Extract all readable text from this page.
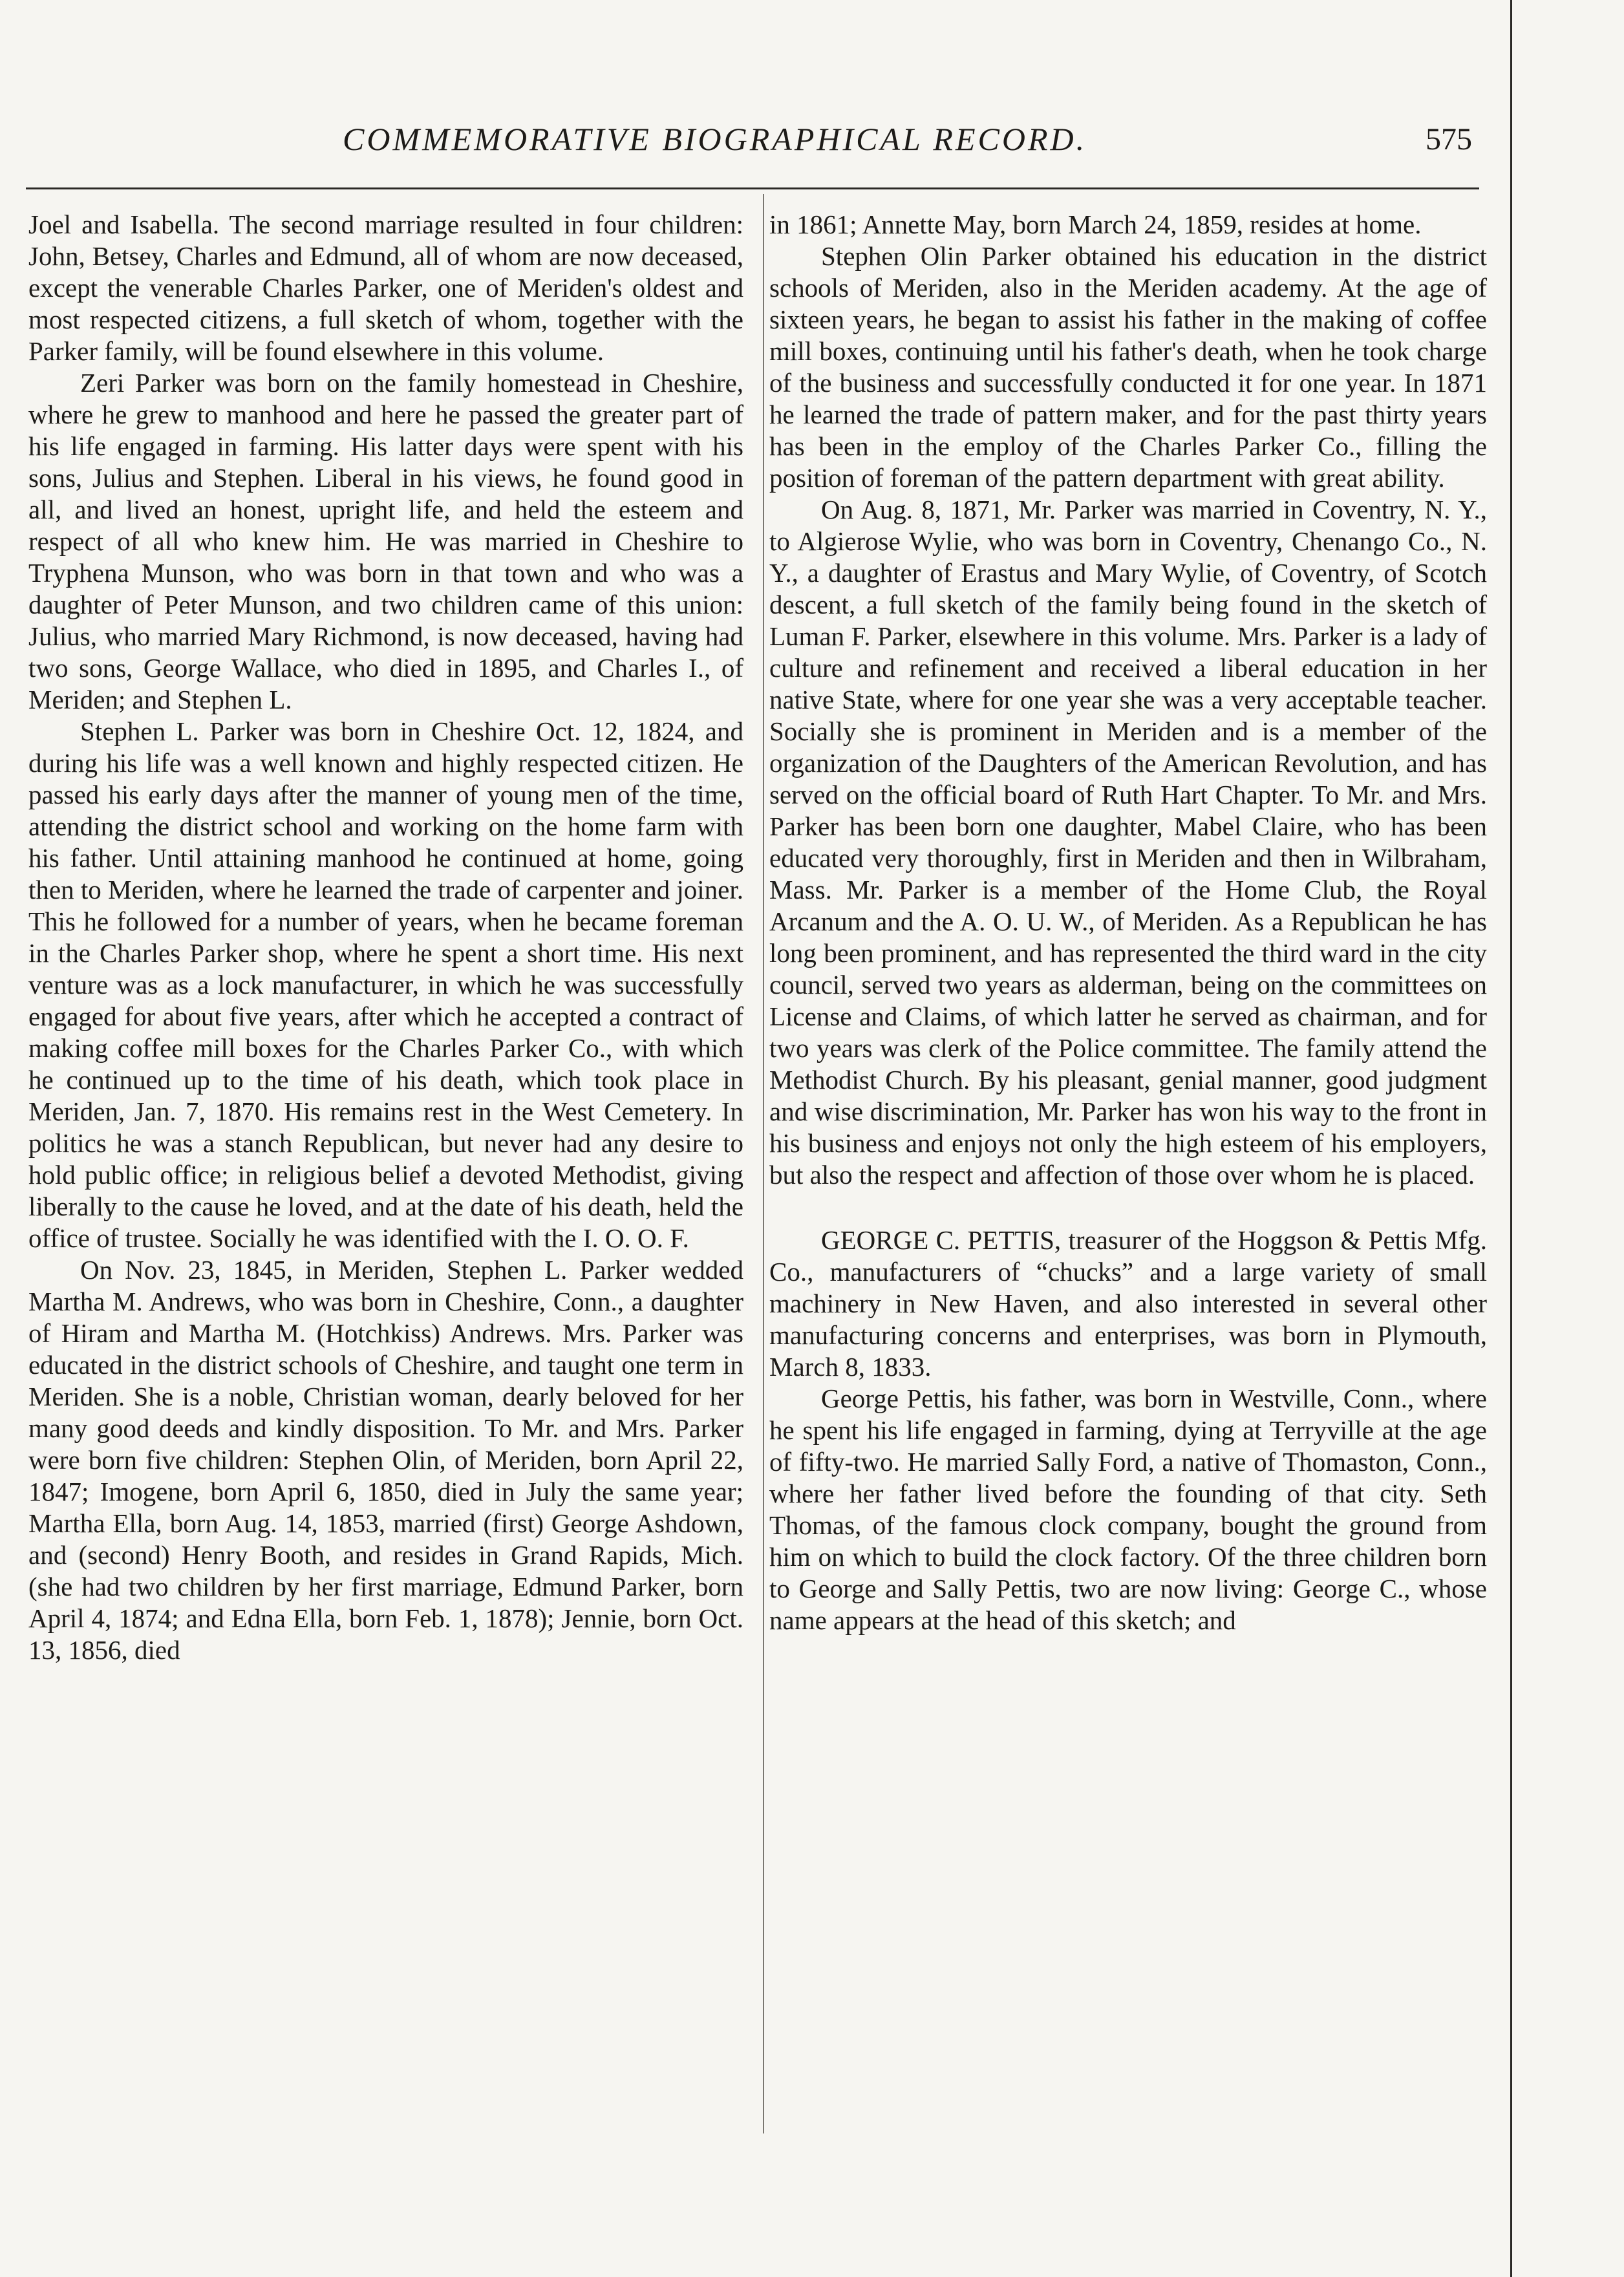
COMMEMORATIVE BIOGRAPHICAL RECORD.	575

Joel and Isabella. The second marriage resulted in four children: John, Betsey, Charles and Edmund, all of whom are now deceased, except the venerable Charles Parker, one of Meriden's oldest and most respected citizens, a full sketch of whom, together with the Parker family, will be found elsewhere in this volume.

Zeri Parker was born on the family homestead in Cheshire, where he grew to manhood and here he passed the greater part of his life engaged in farming. His latter days were spent with his sons, Julius and Stephen. Liberal in his views, he found good in all, and lived an honest, upright life, and held the esteem and respect of all who knew him. He was married in Cheshire to Tryphena Munson, who was born in that town and who was a daughter of Peter Munson, and two children came of this union: Julius, who married Mary Richmond, is now deceased, having had two sons, George Wallace, who died in 1895, and Charles I., of Meriden; and Stephen L.

Stephen L. Parker was born in Cheshire Oct. 12, 1824, and during his life was a well known and highly respected citizen. He passed his early days after the manner of young men of the time, attending the district school and working on the home farm with his father. Until attaining manhood he continued at home, going then to Meriden, where he learned the trade of carpenter and joiner. This he followed for a number of years, when he became foreman in the Charles Parker shop, where he spent a short time. His next venture was as a lock manufacturer, in which he was successfully engaged for about five years, after which he accepted a contract of making coffee mill boxes for the Charles Parker Co., with which he continued up to the time of his death, which took place in Meriden, Jan. 7, 1870. His remains rest in the West Cemetery. In politics he was a stanch Republican, but never had any desire to hold public office; in religious belief a devoted Methodist, giving liberally to the cause he loved, and at the date of his death, held the office of trustee. Socially he was identified with the I. O. O. F.

On Nov. 23, 1845, in Meriden, Stephen L. Parker wedded Martha M. Andrews, who was born in Cheshire, Conn., a daughter of Hiram and Martha M. (Hotchkiss) Andrews. Mrs. Parker was educated in the district schools of Cheshire, and taught one term in Meriden. She is a noble, Christian woman, dearly beloved for her many good deeds and kindly disposition. To Mr. and Mrs. Parker were born five children: Stephen Olin, of Meriden, born April 22, 1847; Imogene, born April 6, 1850, died in July the same year; Martha Ella, born Aug. 14, 1853, married (first) George Ashdown, and (second) Henry Booth, and resides in Grand Rapids, Mich. (she had two children by her first marriage, Edmund Parker, born April 4, 1874; and Edna Ella, born Feb. 1, 1878); Jennie, born Oct. 13, 1856, died

in 1861; Annette May, born March 24, 1859, resides at home.

Stephen Olin Parker obtained his education in the district schools of Meriden, also in the Meriden academy. At the age of sixteen years, he began to assist his father in the making of coffee mill boxes, continuing until his father's death, when he took charge of the business and successfully conducted it for one year. In 1871 he learned the trade of pattern maker, and for the past thirty years has been in the employ of the Charles Parker Co., filling the position of foreman of the pattern department with great ability.

On Aug. 8, 1871, Mr. Parker was married in Coventry, N. Y., to Algierose Wylie, who was born in Coventry, Chenango Co., N. Y., a daughter of Erastus and Mary Wylie, of Coventry, of Scotch descent, a full sketch of the family being found in the sketch of Luman F. Parker, elsewhere in this volume. Mrs. Parker is a lady of culture and refinement and received a liberal education in her native State, where for one year she was a very acceptable teacher. Socially she is prominent in Meriden and is a member of the organization of the Daughters of the American Revolution, and has served on the official board of Ruth Hart Chapter. To Mr. and Mrs. Parker has been born one daughter, Mabel Claire, who has been educated very thoroughly, first in Meriden and then in Wilbraham, Mass. Mr. Parker is a member of the Home Club, the Royal Arcanum and the A. O. U. W., of Meriden. As a Republican he has long been prominent, and has represented the third ward in the city council, served two years as alderman, being on the committees on License and Claims, of which latter he served as chairman, and for two years was clerk of the Police committee. The family attend the Methodist Church. By his pleasant, genial manner, good judgment and wise discrimination, Mr. Parker has won his way to the front in his business and enjoys not only the high esteem of his employers, but also the respect and affection of those over whom he is placed.

GEORGE C. PETTIS, treasurer of the Hoggson & Pettis Mfg. Co., manufacturers of “chucks” and a large variety of small machinery in New Haven, and also interested in several other manufacturing concerns and enterprises, was born in Plymouth, March 8, 1833.

George Pettis, his father, was born in Westville, Conn., where he spent his life engaged in farming, dying at Terryville at the age of fifty-two. He married Sally Ford, a native of Thomaston, Conn., where her father lived before the founding of that city. Seth Thomas, of the famous clock company, bought the ground from him on which to build the clock factory. Of the three children born to George and Sally Pettis, two are now living: George C., whose name appears at the head of this sketch; and
